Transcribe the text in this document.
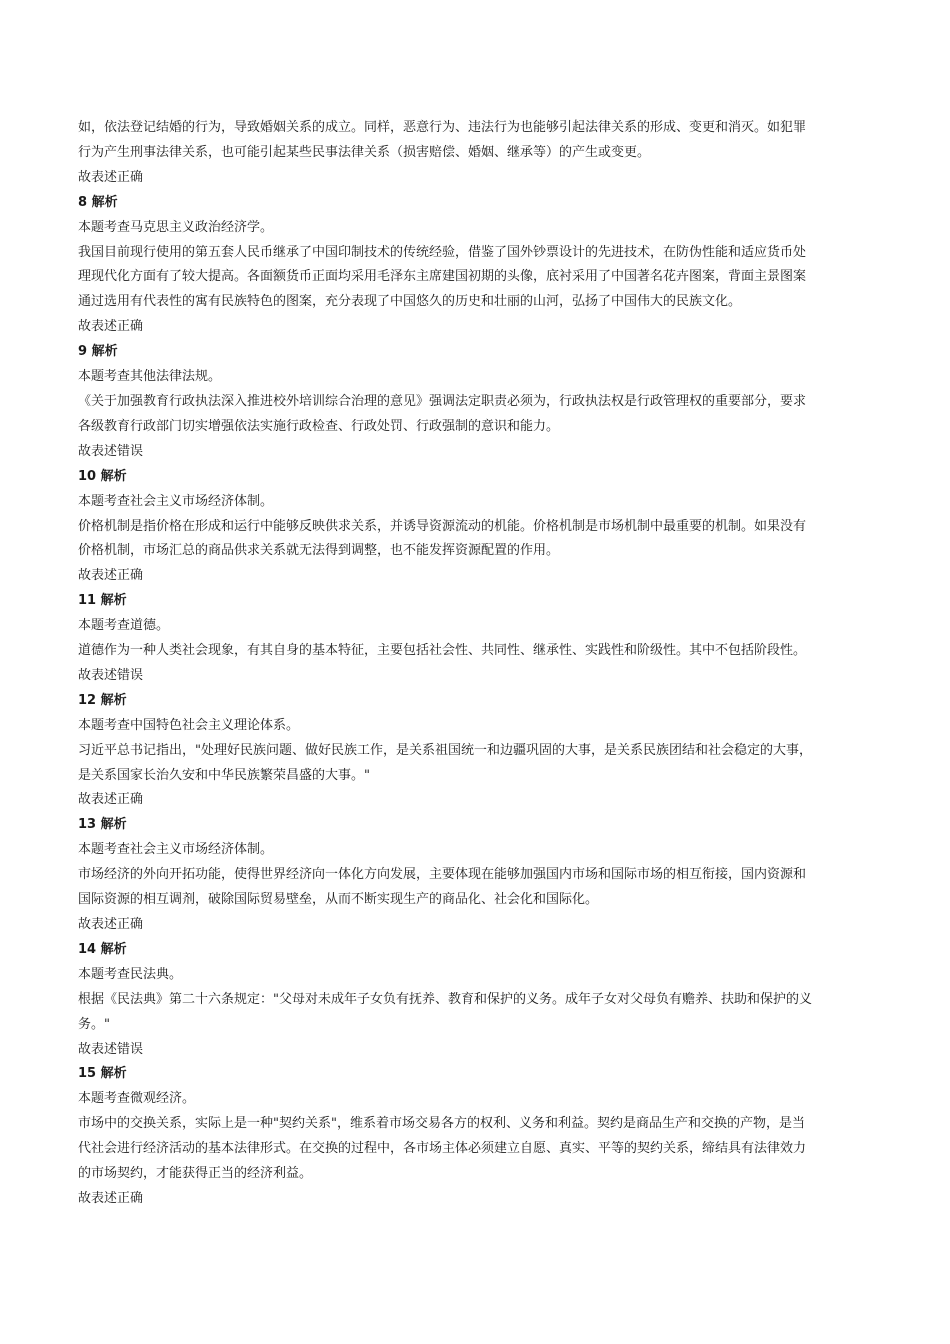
如，依法登记结婚的行为，导致婚姻关系的成立。同样，恶意行为、违法行为也能够引起法律关系的形成、变更和消灭。如犯罪
行为产生刑事法律关系，也可能引起某些民事法律关系（损害赔偿、婚姻、继承等）的产生或变更。
故表述正确
8 解析
本题考查马克思主义政治经济学。
我国目前现行使用的第五套人民币继承了中国印制技术的传统经验，借鉴了国外钞票设计的先进技术，在防伪性能和适应货币处
理现代化方面有了较大提高。各面额货币正面均采用毛泽东主席建国初期的头像，底衬采用了中国著名花卉图案，背面主景图案
通过选用有代表性的寓有民族特色的图案，充分表现了中国悠久的历史和壮丽的山河，弘扬了中国伟大的民族文化。
故表述正确
9 解析
本题考查其他法律法规。
《关于加强教育行政执法深入推进校外培训综合治理的意见》强调法定职责必须为，行政执法权是行政管理权的重要部分，要求
各级教育行政部门切实增强依法实施行政检查、行政处罚、行政强制的意识和能力。
故表述错误
10 解析
本题考查社会主义市场经济体制。
价格机制是指价格在形成和运行中能够反映供求关系，并诱导资源流动的机能。价格机制是市场机制中最重要的机制。如果没有
价格机制，市场汇总的商品供求关系就无法得到调整，也不能发挥资源配置的作用。
故表述正确
11 解析
本题考查道德。
道德作为一种人类社会现象，有其自身的基本特征，主要包括社会性、共同性、继承性、实践性和阶级性。其中不包括阶段性。
故表述错误
12 解析
本题考查中国特色社会主义理论体系。
习近平总书记指出，"处理好民族问题、做好民族工作，是关系祖国统一和边疆巩固的大事，是关系民族团结和社会稳定的大事，
是关系国家长治久安和中华民族繁荣昌盛的大事。"
故表述正确
13 解析
本题考查社会主义市场经济体制。
市场经济的外向开拓功能，使得世界经济向一体化方向发展，主要体现在能够加强国内市场和国际市场的相互衔接，国内资源和
国际资源的相互调剂，破除国际贸易壁垒，从而不断实现生产的商品化、社会化和国际化。
故表述正确
14 解析
本题考查民法典。
根据《民法典》第二十六条规定："父母对未成年子女负有抚养、教育和保护的义务。成年子女对父母负有赡养、扶助和保护的义
务。"
故表述错误
15 解析
本题考查微观经济。
市场中的交换关系，实际上是一种"契约关系"，维系着市场交易各方的权利、义务和利益。契约是商品生产和交换的产物，是当
代社会进行经济活动的基本法律形式。在交换的过程中，各市场主体必须建立自愿、真实、平等的契约关系，缔结具有法律效力
的市场契约，才能获得正当的经济利益。
故表述正确
